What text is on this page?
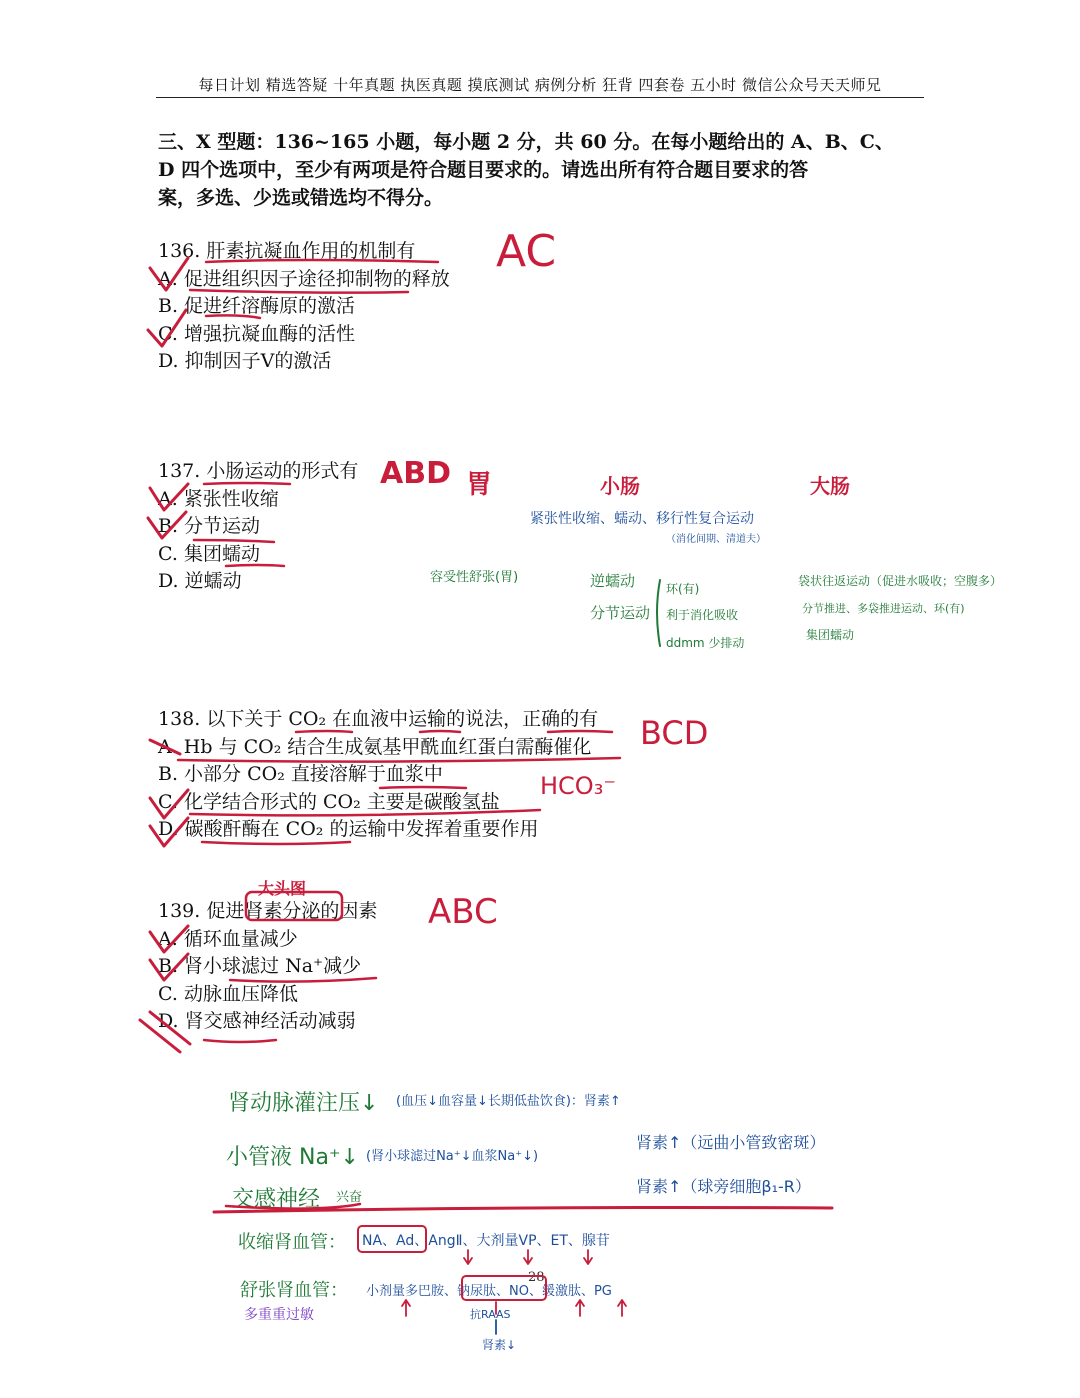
每日计划 精选答疑 十年真题 执医真题 摸底测试 病例分析 狂背 四套卷 五小时 微信公众号天天师兄
三、X 型题：136~165 小题，每小题 2 分，共 60 分。在每小题给出的 A、B、C、
D 四个选项中，至少有两项是符合题目要求的。请选出所有符合题目要求的答
案，多选、少选或错选均不得分。
136. 肝素抗凝血作用的机制有
A. 促进组织因子途径抑制物的释放
B. 促进纤溶酶原的激活
C. 增强抗凝血酶的活性
D. 抑制因子V的激活
AC
137. 小肠运动的形式有
A. 紧张性收缩
B. 分节运动
C. 集团蠕动
D. 逆蠕动
ABD 胃	小肠	大肠
紧张性收缩、蠕动、移行性复合运动
（消化间期、清道夫）
容受性舒张(胃)	逆蠕动
分节运动
环(有)
利于消化吸收
ddmm 少排动
袋状往返运动（促进水吸收；空腹多）
分节推进、多袋推进运动、环(有)
集团蠕动
138. 以下关于 CO₂ 在血液中运输的说法，正确的有
A. Hb 与 CO₂ 结合生成氨基甲酰血红蛋白需酶催化
B. 小部分 CO₂ 直接溶解于血浆中
C. 化学结合形式的 CO₂ 主要是碳酸氢盐
D. 碳酸酐酶在 CO₂ 的运输中发挥着重要作用
BCD
HCO₃⁻
139. 促进肾素分泌的因素
A. 循环血量减少
B. 肾小球滤过 Na⁺减少
C. 动脉血压降低
D. 肾交感神经活动减弱
ABC
大头图
肾动脉灌注压↓ (血压↓血容量↓长期低盐饮食)：肾素↑
小管液 Na⁺↓ (肾小球滤过Na⁺↓血浆Na⁺↓)
肾素↑（远曲小管致密斑）
交感神经 兴奋
肾素↑（球旁细胞β₁-R）
收缩肾血管： NA、Ad、AngⅡ、大剂量VP、ET、腺苷
舒张肾血管： 小剂量多巴胺、钠尿肽、NO、缓激肽、PG
抗RAAS
肾素↓
多重重过敏
28
